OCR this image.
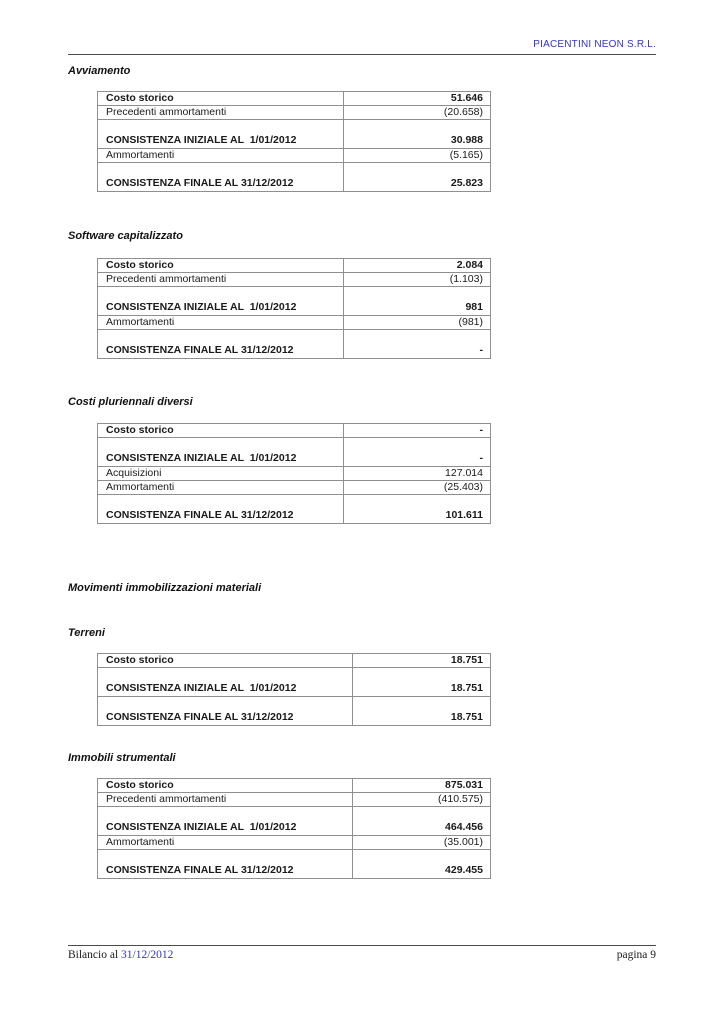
PIACENTINI NEON S.R.L.
Avviamento
Costo storico	51.646
Precedenti ammortamenti	(20.658)
CONSISTENZA INIZIALE AL  1/01/2012	30.988
Ammortamenti	(5.165)
CONSISTENZA FINALE AL 31/12/2012	25.823
Software capitalizzato
Costo storico	2.084
Precedenti ammortamenti	(1.103)
CONSISTENZA INIZIALE AL  1/01/2012	981
Ammortamenti	(981)
CONSISTENZA FINALE AL 31/12/2012	-
Costi pluriennali diversi
Costo storico	-
CONSISTENZA INIZIALE AL  1/01/2012	-
Acquisizioni	127.014
Ammortamenti	(25.403)
CONSISTENZA FINALE AL 31/12/2012	101.611
Movimenti immobilizzazioni materiali
Terreni
Costo storico	18.751
CONSISTENZA INIZIALE AL  1/01/2012	18.751
CONSISTENZA FINALE AL 31/12/2012	18.751
Immobili strumentali
Costo storico	875.031
Precedenti ammortamenti	(410.575)
CONSISTENZA INIZIALE AL  1/01/2012	464.456
Ammortamenti	(35.001)
CONSISTENZA FINALE AL 31/12/2012	429.455
Bilancio al 31/12/2012	pagina 9
